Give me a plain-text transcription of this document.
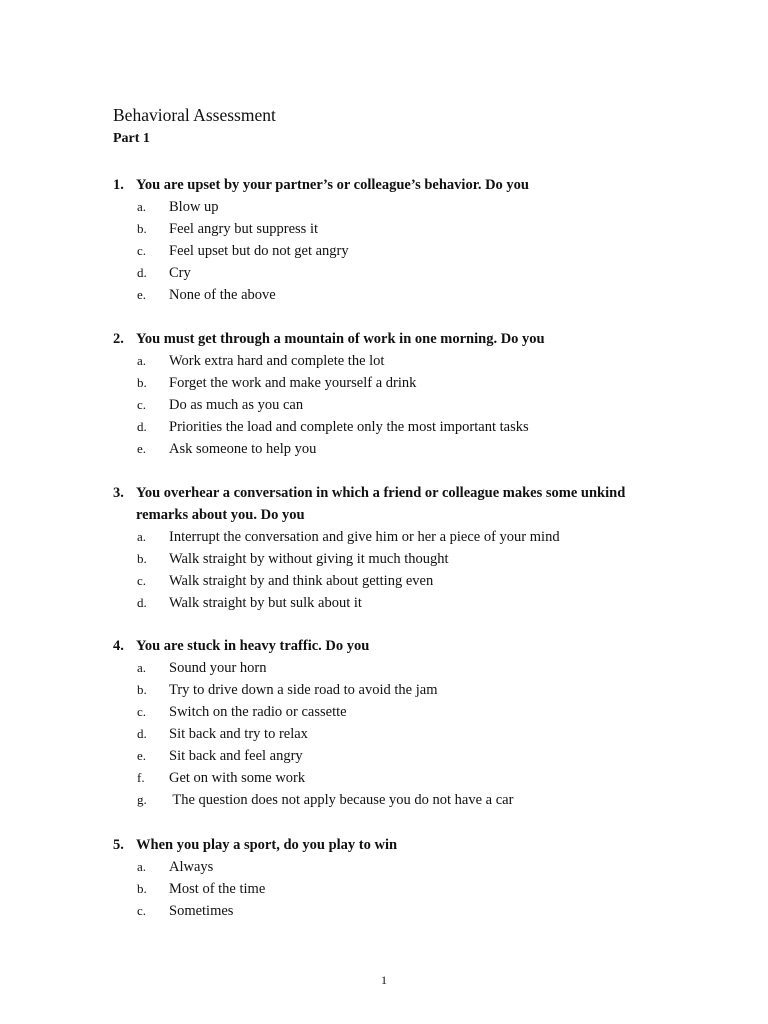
Behavioral Assessment
Part 1
1. You are upset by your partner’s or colleague’s behavior. Do you
a. Blow up
b. Feel angry but suppress it
c. Feel upset but do not get angry
d. Cry
e. None of the above
2. You must get through a mountain of work in one morning. Do you
a. Work extra hard and complete the lot
b. Forget the work and make yourself a drink
c. Do as much as you can
d. Priorities the load and complete only the most important tasks
e. Ask someone to help you
3. You overhear a conversation in which a friend or colleague makes some unkind remarks about you. Do you
a. Interrupt the conversation and give him or her a piece of your mind
b. Walk straight by without giving it much thought
c. Walk straight by and think about getting even
d. Walk straight by but sulk about it
4. You are stuck in heavy traffic. Do you
a. Sound your horn
b. Try to drive down a side road to avoid the jam
c. Switch on the radio or cassette
d. Sit back and try to relax
e. Sit back and feel angry
f. Get on with some work
g. The question does not apply because you do not have a car
5. When you play a sport, do you play to win
a. Always
b. Most of the time
c. Sometimes
1
